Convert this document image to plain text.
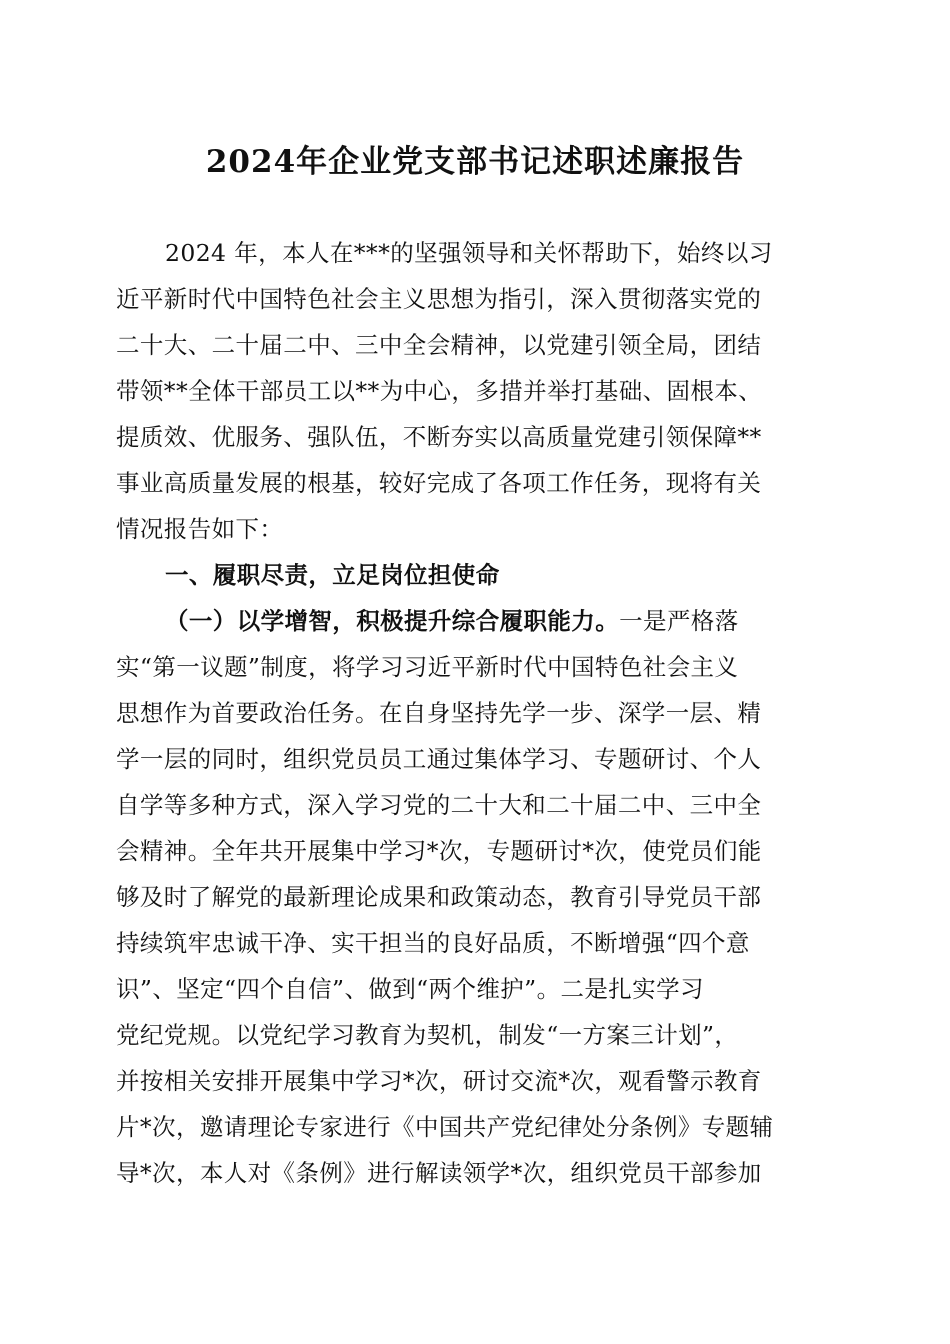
2024年企业党支部书记述职述廉报告
2024 年，本人在***的坚强领导和关怀帮助下，始终以习
近平新时代中国特色社会主义思想为指引，深入贯彻落实党的
二十大、二十届二中、三中全会精神，以党建引领全局，团结
带领**全体干部员工以**为中心，多措并举打基础、固根本、
提质效、优服务、强队伍，不断夯实以高质量党建引领保障**
事业高质量发展的根基，较好完成了各项工作任务，现将有关
情况报告如下：
一、履职尽责，立足岗位担使命
（一）以学增智，积极提升综合履职能力。一是严格落
实“第一议题”制度，将学习习近平新时代中国特色社会主义
思想作为首要政治任务。在自身坚持先学一步、深学一层、精
学一层的同时，组织党员员工通过集体学习、专题研讨、个人
自学等多种方式，深入学习党的二十大和二十届二中、三中全
会精神。全年共开展集中学习*次，专题研讨*次，使党员们能
够及时了解党的最新理论成果和政策动态，教育引导党员干部
持续筑牢忠诚干净、实干担当的良好品质，不断增强“四个意
识”、坚定“四个自信”、做到“两个维护”。二是扎实学习
党纪党规。以党纪学习教育为契机，制发“一方案三计划”，
并按相关安排开展集中学习*次，研讨交流*次，观看警示教育
片*次，邀请理论专家进行《中国共产党纪律处分条例》专题辅
导*次，本人对《条例》进行解读领学*次，组织党员干部参加
